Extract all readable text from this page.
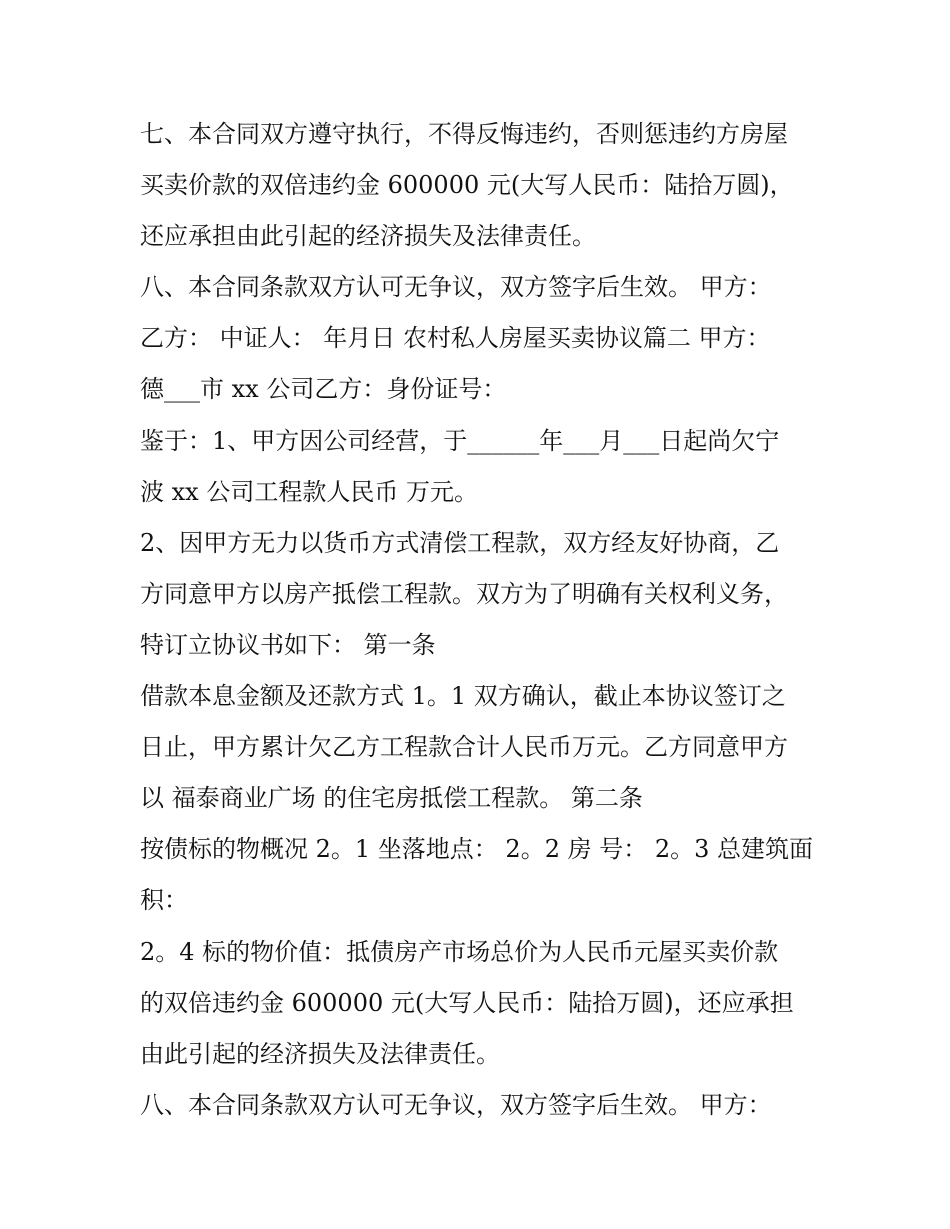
七、本合同双方遵守执行，不得反悔违约，否则惩违约方房屋
买卖价款的双倍违约金 600000 元(大写人民币：陆拾万圆)，
还应承担由此引起的经济损失及法律责任。
八、本合同条款双方认可无争议，双方签字后生效。 甲方：
乙方： 中证人： 年月日 农村私人房屋买卖协议篇二 甲方：
德___市 xx 公司乙方：身份证号：
鉴于：1、甲方因公司经营，于______年___月___日起尚欠宁
波 xx 公司工程款人民币 万元。
2、因甲方无力以货币方式清偿工程款，双方经友好协商，乙
方同意甲方以房产抵偿工程款。双方为了明确有关权利义务，
特订立协议书如下： 第一条
借款本息金额及还款方式 1。1 双方确认，截止本协议签订之
日止，甲方累计欠乙方工程款合计人民币万元。乙方同意甲方
以 福泰商业广场 的住宅房抵偿工程款。 第二条
按债标的物概况 2。1 坐落地点： 2。2 房 号： 2。3 总建筑面
积：
2。4 标的物价值：抵债房产市场总价为人民币元屋买卖价款
的双倍违约金 600000 元(大写人民币：陆拾万圆)，还应承担
由此引起的经济损失及法律责任。
八、本合同条款双方认可无争议，双方签字后生效。 甲方：
